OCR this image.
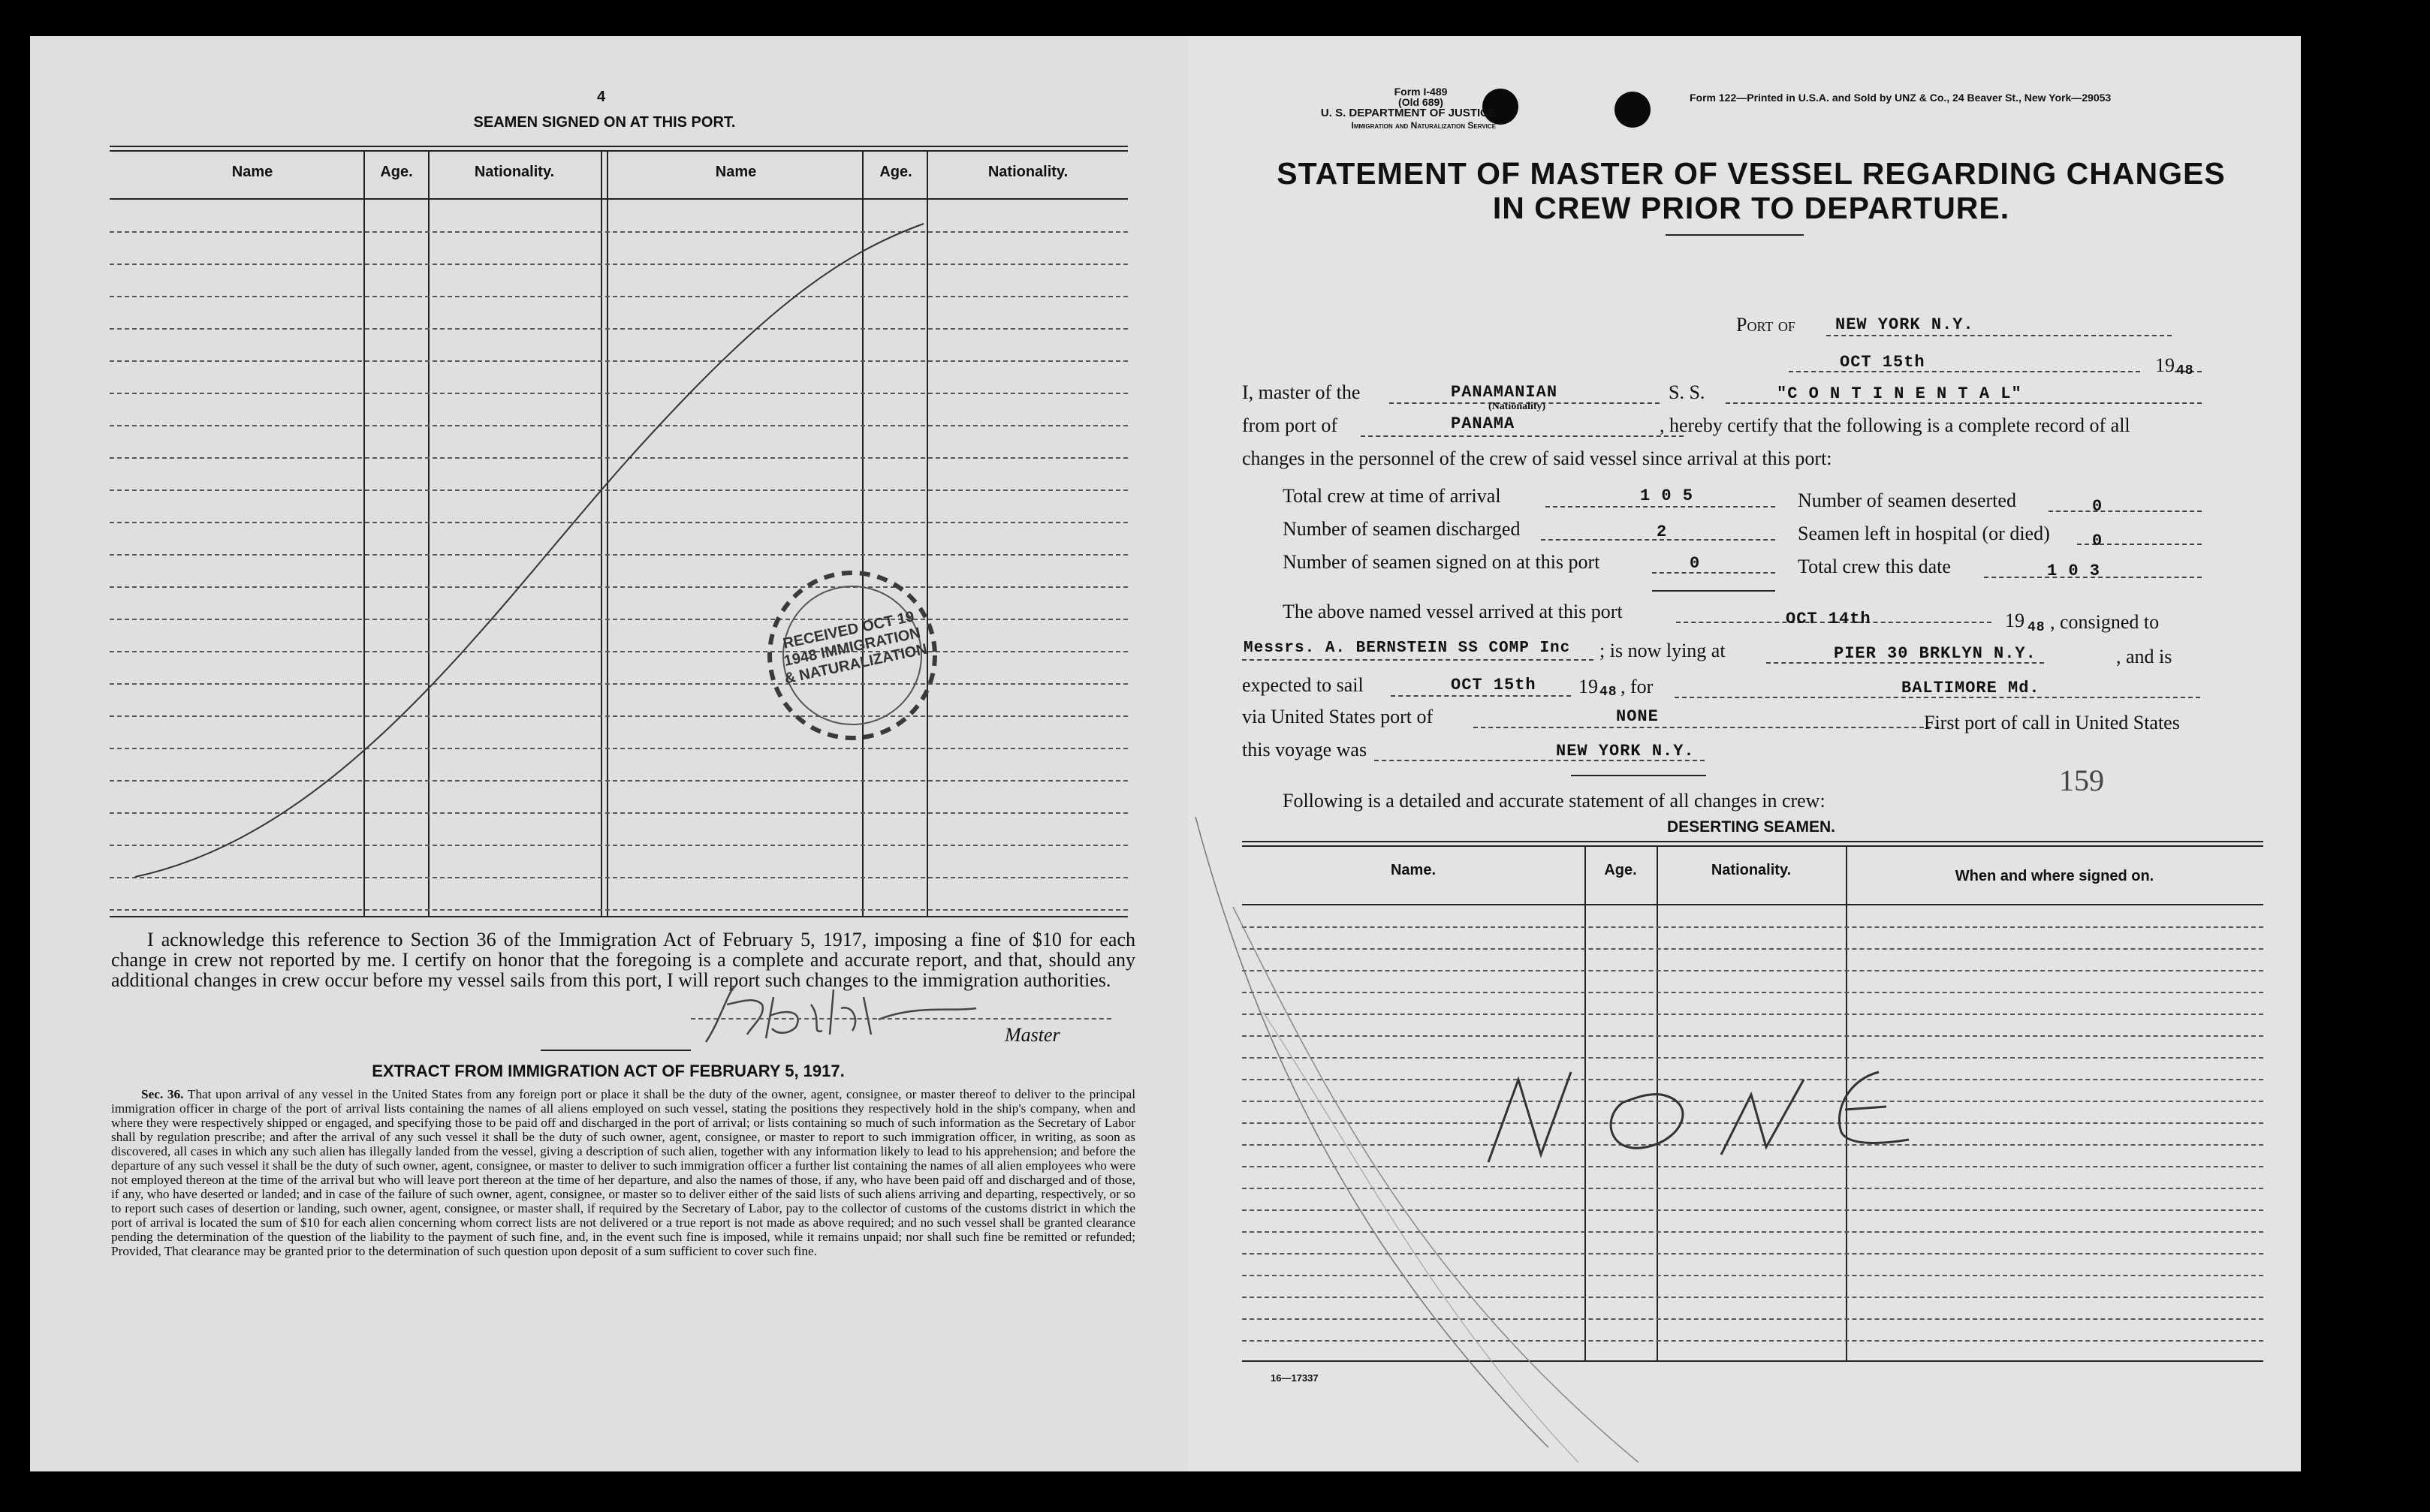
4
SEAMEN SIGNED ON AT THIS PORT.
Name	Age.	Nationality.	Name	Age.	Nationality.
RECEIVED OCT 19 1948 IMMIGRATION & NATURALIZATION
I acknowledge this reference to Section 36 of the Immigration Act of February 5, 1917, imposing a fine of $10 for each change in crew not reported by me. I certify on honor that the foregoing is a complete and accurate report, and that, should any additional changes in crew occur before my vessel sails from this port, I will report such changes to the immigration authorities.
Master
EXTRACT FROM IMMIGRATION ACT OF FEBRUARY 5, 1917.
Sec. 36. That upon arrival of any vessel in the United States from any foreign port or place it shall be the duty of the owner, agent, consignee, or master thereof to deliver to the principal immigration officer in charge of the port of arrival lists containing the names of all aliens employed on such vessel, stating the positions they respectively hold in the ship's company, when and where they were respectively shipped or engaged, and specifying those to be paid off and discharged in the port of arrival; or lists containing so much of such information as the Secretary of Labor shall by regulation prescribe; and after the arrival of any such vessel it shall be the duty of such owner, agent, consignee, or master to report to such immigration officer, in writing, as soon as discovered, all cases in which any such alien has illegally landed from the vessel, giving a description of such alien, together with any information likely to lead to his apprehension; and before the departure of any such vessel it shall be the duty of such owner, agent, consignee, or master to deliver to such immigration officer a further list containing the names of all alien employees who were not employed thereon at the time of the arrival but who will leave port thereon at the time of her departure, and also the names of those, if any, who have been paid off and discharged and of those, if any, who have deserted or landed; and in case of the failure of such owner, agent, consignee, or master so to deliver either of the said lists of such aliens arriving and departing, respectively, or so to report such cases of desertion or landing, such owner, agent, consignee, or master shall, if required by the Secretary of Labor, pay to the collector of customs of the customs district in which the port of arrival is located the sum of $10 for each alien concerning whom correct lists are not delivered or a true report is not made as above required; and no such vessel shall be granted clearance pending the determination of the question of the liability to the payment of such fine, and, in the event such fine is imposed, while it remains unpaid; nor shall such fine be remitted or refunded; Provided, That clearance may be granted prior to the determination of such question upon deposit of a sum sufficient to cover such fine.
Form I-489
(Old 689)
U. S. DEPARTMENT OF JUSTICE
Immigration and Naturalization Service
Form 122—Printed in U.S.A. and Sold by UNZ & Co., 24 Beaver St., New York—29053
STATEMENT OF MASTER OF VESSEL REGARDING CHANGES
IN CREW PRIOR TO DEPARTURE.
Port of NEW YORK N.Y.
OCT 15th	19 48
I, master of the	PANAMANIAN
(Nationality)
S. S.	"C O N T I N E N T A L"
from port of	PANAMA	, hereby certify that the following is a complete record of all
changes in the personnel of the crew of said vessel since arrival at this port:
Total crew at time of arrival	1 0 5	Number of seamen deserted	0
Number of seamen discharged	2	Seamen left in hospital (or died)	0
Number of seamen signed on at this port	0	Total crew this date	1 0 3
The above named vessel arrived at this port	OCT 14th	19 48 , consigned to
Messrs. A. BERNSTEIN SS COMP Inc ; is now lying at	PIER 30 BRKLYN N.Y.	, and is
expected to sail	OCT 15th 19 48 , for	BALTIMORE Md.
via United States port of	NONE	First port of call in United States
this voyage was	NEW YORK N.Y.
159
Following is a detailed and accurate statement of all changes in crew:
DESERTING SEAMEN.
Name.	Age.	Nationality.	When and where signed on.
16—17337
